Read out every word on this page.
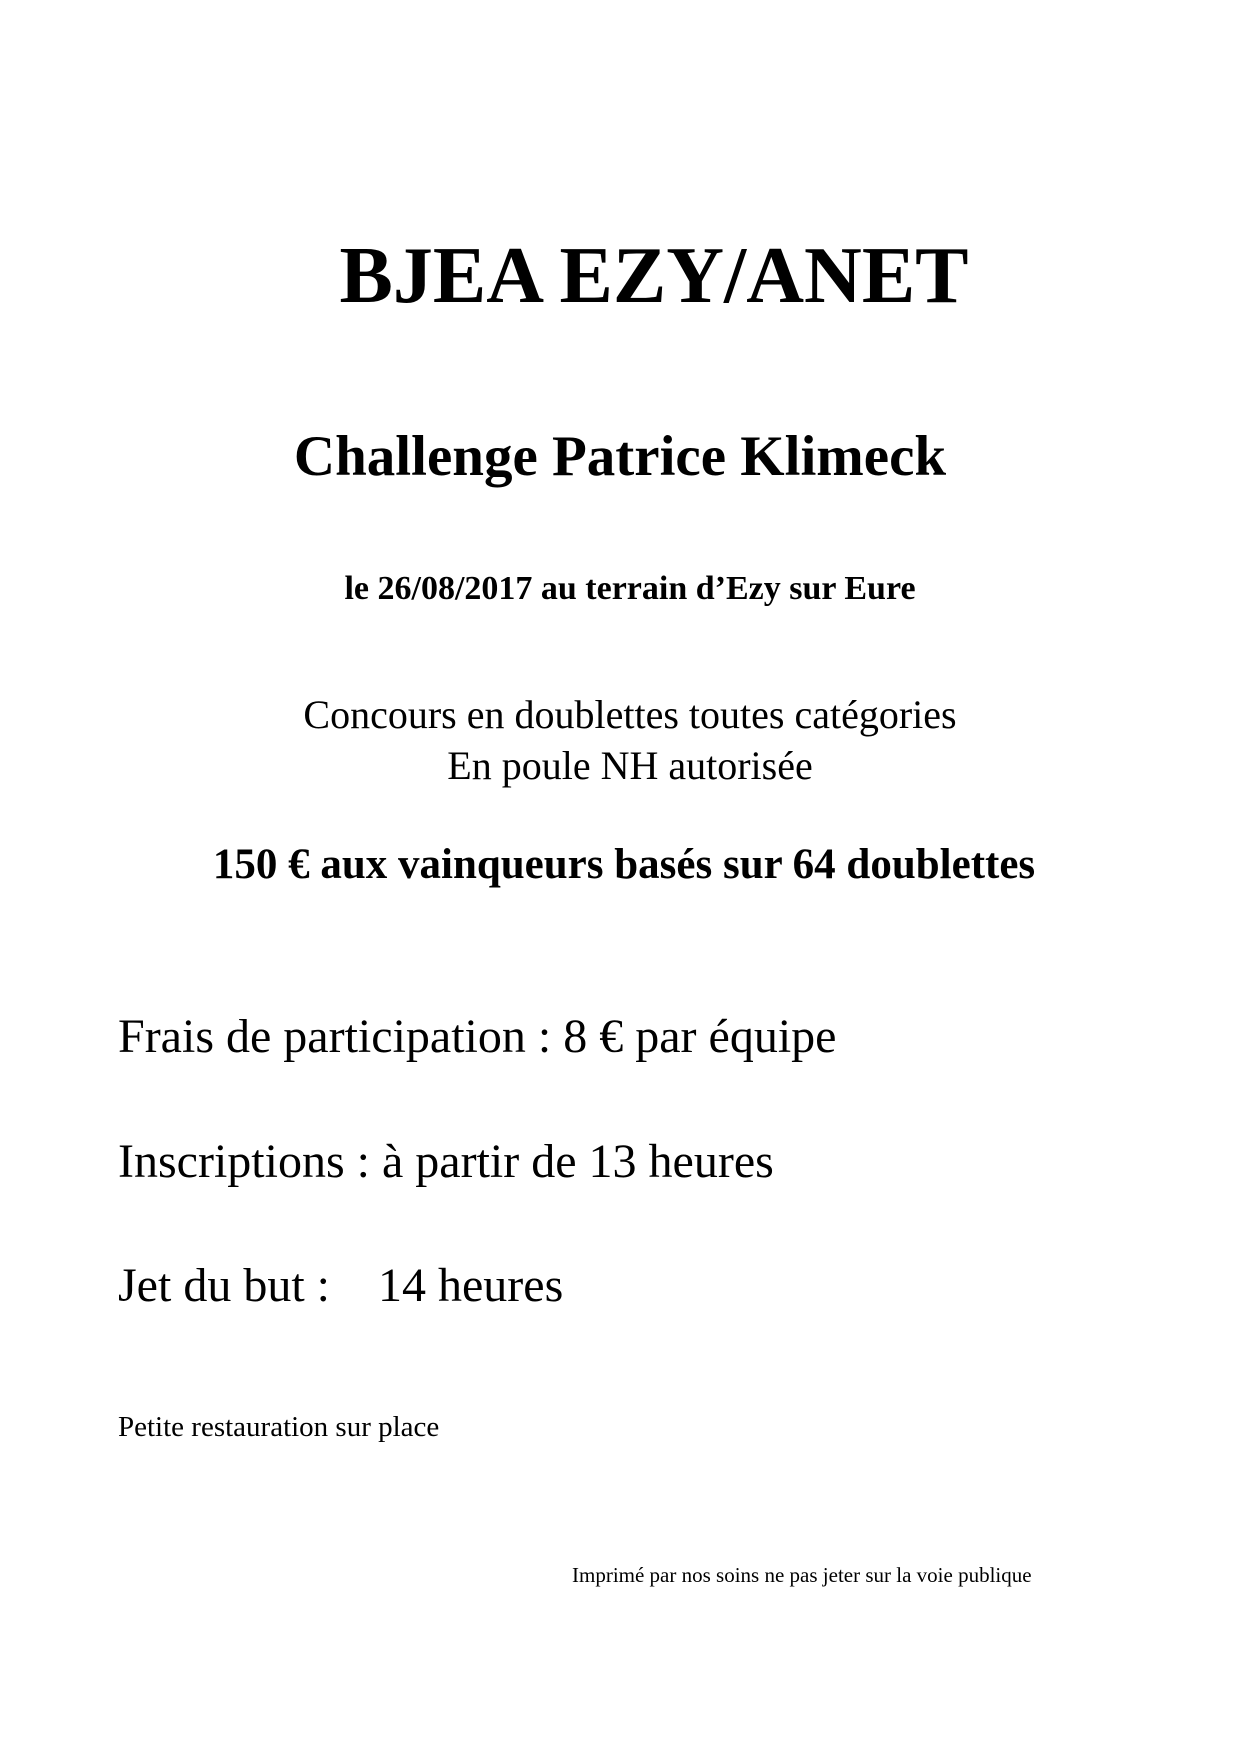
BJEA EZY/ANET
Challenge Patrice Klimeck

le 26/08/2017 au terrain d’Ezy sur Eure

Concours en doublettes toutes catégories

En poule NH autorisée

150 € aux vainqueurs basés sur 64 doublettes

Frais de participation : 8 € par équipe

Inscriptions : à partir de 13 heures

Jet du but : 14 heures

Petite restauration sur place

Imprimé par nos soins ne pas jeter sur la voie publique
